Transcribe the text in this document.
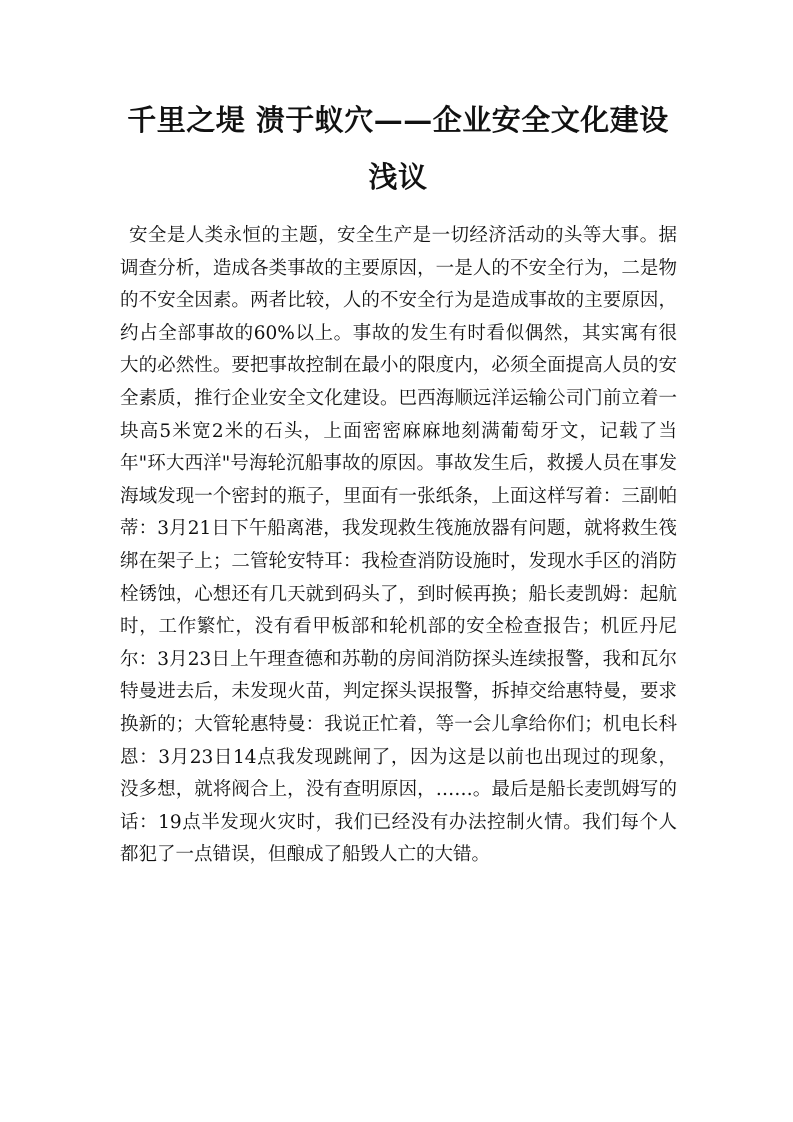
千里之堤 溃于蚁穴——企业安全文化建设浅议

安全是人类永恒的主题，安全生产是一切经济活动的头等大事。据调查分析，造成各类事故的主要原因，一是人的不安全行为，二是物的不安全因素。两者比较，人的不安全行为是造成事故的主要原因，约占全部事故的60%以上。事故的发生有时看似偶然，其实寓有很大的必然性。要把事故控制在最小的限度内，必须全面提高人员的安全素质，推行企业安全文化建设。巴西海顺远洋运输公司门前立着一块高5米宽2米的石头，上面密密麻麻地刻满葡萄牙文，记载了当年"环大西洋"号海轮沉船事故的原因。事故发生后，救援人员在事发海域发现一个密封的瓶子，里面有一张纸条，上面这样写着：三副帕蒂：3月21日下午船离港，我发现救生筏施放器有问题，就将救生筏绑在架子上；二管轮安特耳：我检查消防设施时，发现水手区的消防栓锈蚀，心想还有几天就到码头了，到时候再换；船长麦凯姆：起航时，工作繁忙，没有看甲板部和轮机部的安全检查报告；机匠丹尼尔：3月23日上午理查德和苏勒的房间消防探头连续报警，我和瓦尔特曼进去后，未发现火苗，判定探头误报警，拆掉交给惠特曼，要求换新的；大管轮惠特曼：我说正忙着，等一会儿拿给你们；机电长科恩：3月23日14点我发现跳闸了，因为这是以前也出现过的现象，没多想，就将阀合上，没有查明原因，……。最后是船长麦凯姆写的话：19点半发现火灾时，我们已经没有办法控制火情。我们每个人都犯了一点错误，但酿成了船毁人亡的大错。
